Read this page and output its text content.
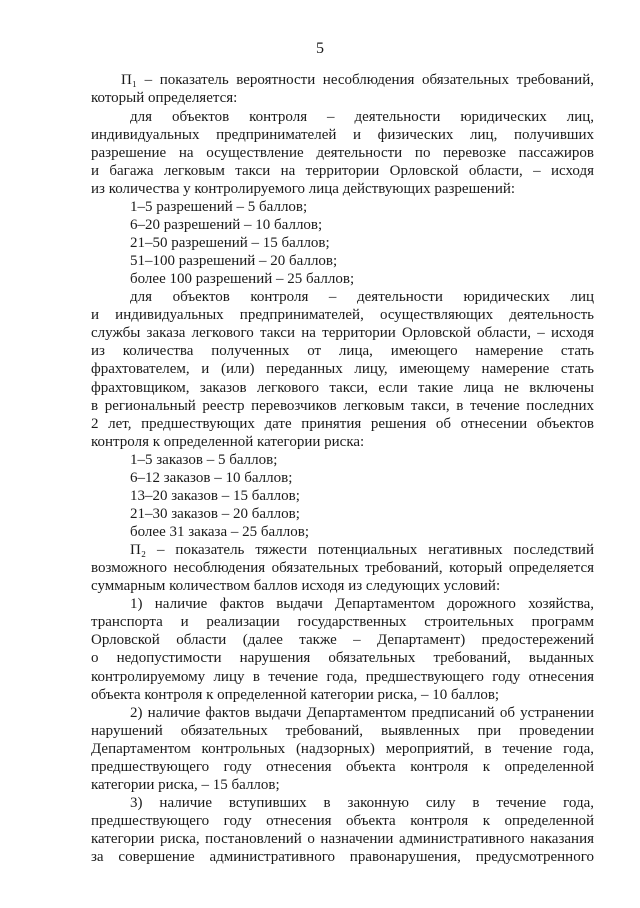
5
П₁ – показатель вероятности несоблюдения обязательных требований,
который определяется:
для объектов контроля – деятельности юридических лиц,
индивидуальных предпринимателей и физических лиц, получивших
разрешение на осуществление деятельности по перевозке пассажиров
и багажа легковым такси на территории Орловской области, – исходя
из количества у контролируемого лица действующих разрешений:
1–5 разрешений – 5 баллов;
6–20 разрешений – 10 баллов;
21–50 разрешений – 15 баллов;
51–100 разрешений – 20 баллов;
более 100 разрешений – 25 баллов;
для объектов контроля – деятельности юридических лиц
и индивидуальных предпринимателей, осуществляющих деятельность
службы заказа легкового такси на территории Орловской области, – исходя
из количества полученных от лица, имеющего намерение стать
фрахтователем, и (или) переданных лицу, имеющему намерение стать
фрахтовщиком, заказов легкового такси, если такие лица не включены
в региональный реестр перевозчиков легковым такси, в течение последних
2 лет, предшествующих дате принятия решения об отнесении объектов
контроля к определенной категории риска:
1–5 заказов – 5 баллов;
6–12 заказов – 10 баллов;
13–20 заказов – 15 баллов;
21–30 заказов – 20 баллов;
более 31 заказа – 25 баллов;
П₂ – показатель тяжести потенциальных негативных последствий
возможного несоблюдения обязательных требований, который определяется
суммарным количеством баллов исходя из следующих условий:
1) наличие фактов выдачи Департаментом дорожного хозяйства,
транспорта и реализации государственных строительных программ
Орловской области (далее также – Департамент) предостережений
о недопустимости нарушения обязательных требований, выданных
контролируемому лицу в течение года, предшествующего году отнесения
объекта контроля к определенной категории риска, – 10 баллов;
2) наличие фактов выдачи Департаментом предписаний об устранении
нарушений обязательных требований, выявленных при проведении
Департаментом контрольных (надзорных) мероприятий, в течение года,
предшествующего году отнесения объекта контроля к определенной
категории риска, – 15 баллов;
3) наличие вступивших в законную силу в течение года,
предшествующего году отнесения объекта контроля к определенной
категории риска, постановлений о назначении административного наказания
за совершение административного правонарушения, предусмотренного
